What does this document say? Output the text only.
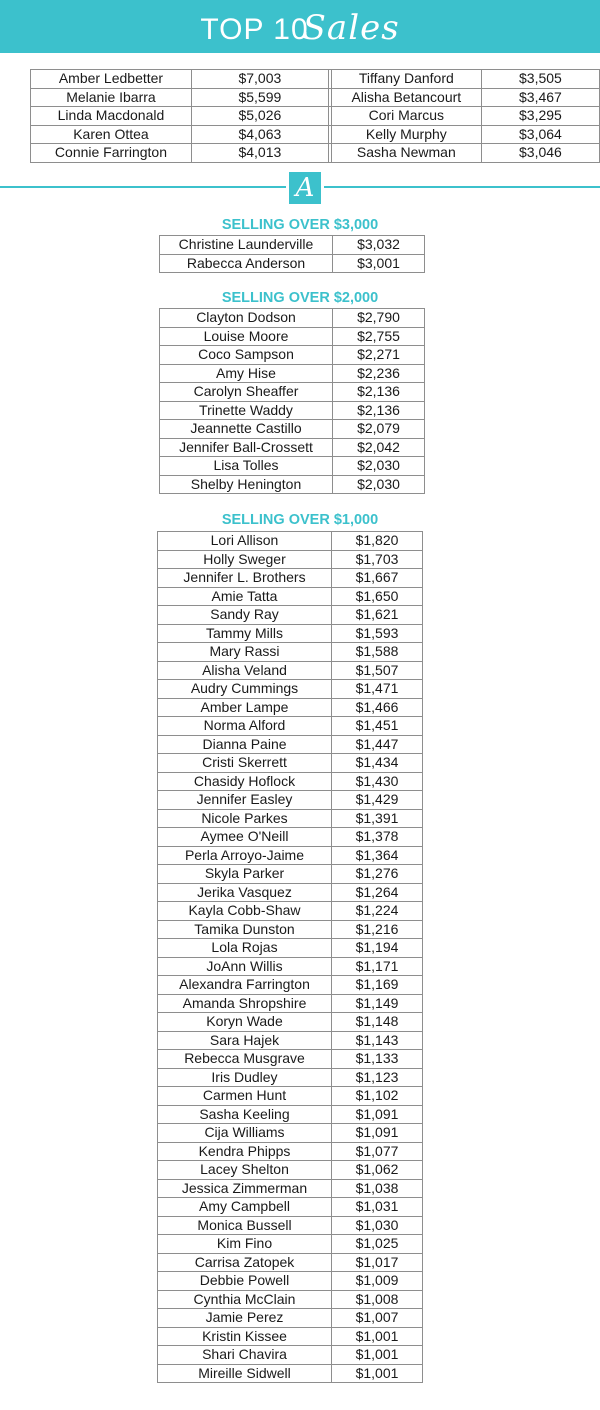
TOP 10Sales
Amber Ledbetter	$7,003		Tiffany Danford	$3,505
Melanie Ibarra	$5,599		Alisha Betancourt	$3,467
Linda Macdonald	$5,026		Cori Marcus	$3,295
Karen Ottea	$4,063		Kelly Murphy	$3,064
Connie Farrington	$4,013		Sasha Newman	$3,046
A
SELLING OVER $3,000
Christine Launderville	$3,032
Rabecca Anderson	$3,001
SELLING OVER $2,000
Clayton Dodson	$2,790
Louise Moore	$2,755
Coco Sampson	$2,271
Amy Hise	$2,236
Carolyn Sheaffer	$2,136
Trinette Waddy	$2,136
Jeannette Castillo	$2,079
Jennifer Ball-Crossett	$2,042
Lisa Tolles	$2,030
Shelby Henington	$2,030
SELLING OVER $1,000
Lori Allison	$1,820
Holly Sweger	$1,703
Jennifer L. Brothers	$1,667
Amie Tatta	$1,650
Sandy Ray	$1,621
Tammy Mills	$1,593
Mary Rassi	$1,588
Alisha Veland	$1,507
Audry Cummings	$1,471
Amber Lampe	$1,466
Norma Alford	$1,451
Dianna Paine	$1,447
Cristi Skerrett	$1,434
Chasidy Hoflock	$1,430
Jennifer Easley	$1,429
Nicole Parkes	$1,391
Aymee O'Neill	$1,378
Perla Arroyo-Jaime	$1,364
Skyla Parker	$1,276
Jerika Vasquez	$1,264
Kayla Cobb-Shaw	$1,224
Tamika Dunston	$1,216
Lola Rojas	$1,194
JoAnn Willis	$1,171
Alexandra Farrington	$1,169
Amanda Shropshire	$1,149
Koryn Wade	$1,148
Sara Hajek	$1,143
Rebecca Musgrave	$1,133
Iris Dudley	$1,123
Carmen Hunt	$1,102
Sasha Keeling	$1,091
Cija Williams	$1,091
Kendra Phipps	$1,077
Lacey Shelton	$1,062
Jessica Zimmerman	$1,038
Amy Campbell	$1,031
Monica Bussell	$1,030
Kim Fino	$1,025
Carrisa Zatopek	$1,017
Debbie Powell	$1,009
Cynthia McClain	$1,008
Jamie Perez	$1,007
Kristin Kissee	$1,001
Shari Chavira	$1,001
Mireille Sidwell	$1,001
